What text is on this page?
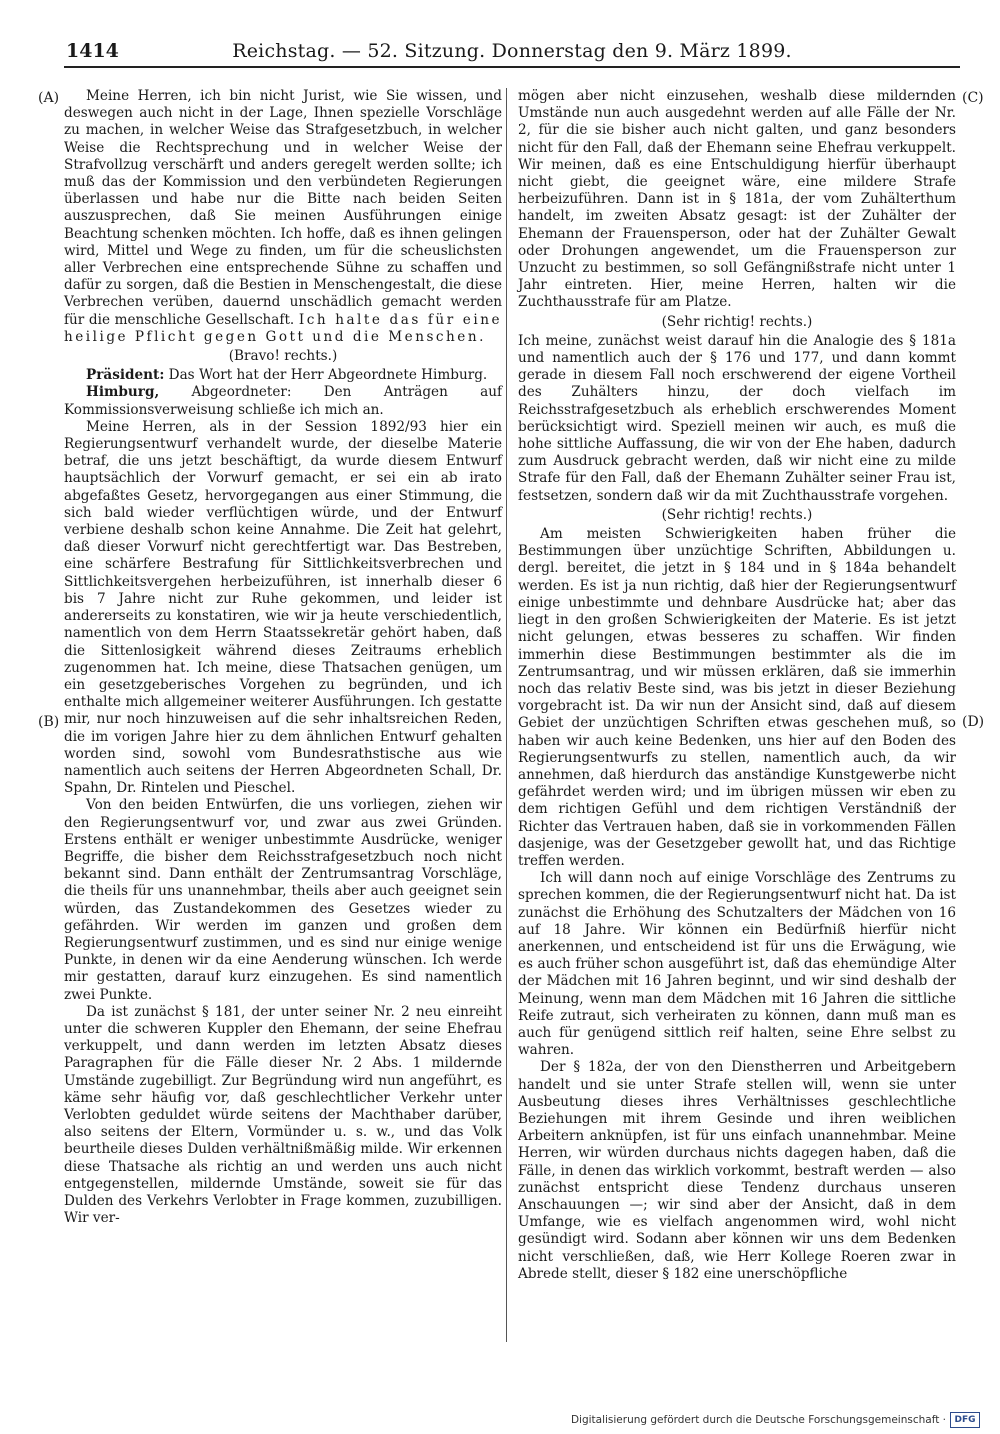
1414	Reichstag. — 52. Sitzung. Donnerstag den 9. März 1899.
(A)
(B)
(C)
(D)

Meine Herren, ich bin nicht Jurist, wie Sie wissen, und deswegen auch nicht in der Lage, Ihnen spezielle Vorschläge zu machen, in welcher Weise das Strafgesetzbuch, in welcher Weise die Rechtsprechung und in welcher Weise der Strafvollzug verschärft und anders geregelt werden sollte; ich muß das der Kommission und den verbündeten Regierungen überlassen und habe nur die Bitte nach beiden Seiten auszusprechen, daß Sie meinen Ausführungen einige Beachtung schenken möchten. Ich hoffe, daß es ihnen gelingen wird, Mittel und Wege zu finden, um für die scheuslichsten aller Verbrechen eine entsprechende Sühne zu schaffen und dafür zu sorgen, daß die Bestien in Menschengestalt, die diese Verbrechen verüben, dauernd unschädlich gemacht werden für die menschliche Gesellschaft. Ich halte das für eine heilige Pflicht gegen Gott und die Menschen.

(Bravo! rechts.)

Präsident: Das Wort hat der Herr Abgeordnete Himburg.

Himburg, Abgeordneter: Den Anträgen auf Kommissionsverweisung schließe ich mich an.

Meine Herren, als in der Session 1892/93 hier ein Regierungsentwurf verhandelt wurde, der dieselbe Materie betraf, die uns jetzt beschäftigt, da wurde diesem Entwurf hauptsächlich der Vorwurf gemacht, er sei ein ab irato abgefaßtes Gesetz, hervorgegangen aus einer Stimmung, die sich bald wieder verflüchtigen würde, und der Entwurf verbiene deshalb schon keine Annahme. Die Zeit hat gelehrt, daß dieser Vorwurf nicht gerechtfertigt war. Das Bestreben, eine schärfere Bestrafung für Sittlichkeitsverbrechen und Sittlichkeitsvergehen herbeizuführen, ist innerhalb dieser 6 bis 7 Jahre nicht zur Ruhe gekommen, und leider ist andererseits zu konstatiren, wie wir ja heute verschiedentlich, namentlich von dem Herrn Staatssekretär gehört haben, daß die Sittenlosigkeit während dieses Zeitraums erheblich zugenommen hat. Ich meine, diese Thatsachen genügen, um ein gesetzgeberisches Vorgehen zu begründen, und ich enthalte mich allgemeiner weiterer Ausführungen. Ich gestatte mir, nur noch hinzuweisen auf die sehr inhaltsreichen Reden, die im vorigen Jahre hier zu dem ähnlichen Entwurf gehalten worden sind, sowohl vom Bundesrathstische aus wie namentlich auch seitens der Herren Abgeordneten Schall, Dr. Spahn, Dr. Rintelen und Pieschel.

Von den beiden Entwürfen, die uns vorliegen, ziehen wir den Regierungsentwurf vor, und zwar aus zwei Gründen. Erstens enthält er weniger unbestimmte Ausdrücke, weniger Begriffe, die bisher dem Reichsstrafgesetzbuch noch nicht bekannt sind. Dann enthält der Zentrumsantrag Vorschläge, die theils für uns unannehmbar, theils aber auch geeignet sein würden, das Zustandekommen des Gesetzes wieder zu gefährden. Wir werden im ganzen und großen dem Regierungsentwurf zustimmen, und es sind nur einige wenige Punkte, in denen wir da eine Aenderung wünschen. Ich werde mir gestatten, darauf kurz einzugehen. Es sind namentlich zwei Punkte.

Da ist zunächst § 181, der unter seiner Nr. 2 neu einreiht unter die schweren Kuppler den Ehemann, der seine Ehefrau verkuppelt, und dann werden im letzten Absatz dieses Paragraphen für die Fälle dieser Nr. 2 Abs. 1 mildernde Umstände zugebilligt. Zur Begründung wird nun angeführt, es käme sehr häufig vor, daß geschlechtlicher Verkehr unter Verlobten geduldet würde seitens der Machthaber darüber, also seitens der Eltern, Vormünder u. s. w., und das Volk beurtheile dieses Dulden verhältnißmäßig milde. Wir erkennen diese Thatsache als richtig an und werden uns auch nicht entgegenstellen, mildernde Umstände, soweit sie für das Dulden des Verkehrs Verlobter in Frage kommen, zuzubilligen. Wir ver-

mögen aber nicht einzusehen, weshalb diese mildernden Umstände nun auch ausgedehnt werden auf alle Fälle der Nr. 2, für die sie bisher auch nicht galten, und ganz besonders nicht für den Fall, daß der Ehemann seine Ehefrau verkuppelt. Wir meinen, daß es eine Entschuldigung hierfür überhaupt nicht giebt, die geeignet wäre, eine mildere Strafe herbeizuführen. Dann ist in § 181a, der vom Zuhälterthum handelt, im zweiten Absatz gesagt: ist der Zuhälter der Ehemann der Frauensperson, oder hat der Zuhälter Gewalt oder Drohungen angewendet, um die Frauensperson zur Unzucht zu bestimmen, so soll Gefängnißstrafe nicht unter 1 Jahr eintreten. Hier, meine Herren, halten wir die Zuchthausstrafe für am Platze.

(Sehr richtig! rechts.)

Ich meine, zunächst weist darauf hin die Analogie des § 181a und namentlich auch der § 176 und 177, und dann kommt gerade in diesem Fall noch erschwerend der eigene Vortheil des Zuhälters hinzu, der doch vielfach im Reichsstrafgesetzbuch als erheblich erschwerendes Moment berücksichtigt wird. Speziell meinen wir auch, es muß die hohe sittliche Auffassung, die wir von der Ehe haben, dadurch zum Ausdruck gebracht werden, daß wir nicht eine zu milde Strafe für den Fall, daß der Ehemann Zuhälter seiner Frau ist, festsetzen, sondern daß wir da mit Zuchthausstrafe vorgehen.

(Sehr richtig! rechts.)

Am meisten Schwierigkeiten haben früher die Bestimmungen über unzüchtige Schriften, Abbildungen u. dergl. bereitet, die jetzt in § 184 und in § 184a behandelt werden. Es ist ja nun richtig, daß hier der Regierungsentwurf einige unbestimmte und dehnbare Ausdrücke hat; aber das liegt in den großen Schwierigkeiten der Materie. Es ist jetzt nicht gelungen, etwas besseres zu schaffen. Wir finden immerhin diese Bestimmungen bestimmter als die im Zentrumsantrag, und wir müssen erklären, daß sie immerhin noch das relativ Beste sind, was bis jetzt in dieser Beziehung vorgebracht ist. Da wir nun der Ansicht sind, daß auf diesem Gebiet der unzüchtigen Schriften etwas geschehen muß, so haben wir auch keine Bedenken, uns hier auf den Boden des Regierungsentwurfs zu stellen, namentlich auch, da wir annehmen, daß hierdurch das anständige Kunstgewerbe nicht gefährdet werden wird; und im übrigen müssen wir eben zu dem richtigen Gefühl und dem richtigen Verständniß der Richter das Vertrauen haben, daß sie in vorkommenden Fällen dasjenige, was der Gesetzgeber gewollt hat, und das Richtige treffen werden.

Ich will dann noch auf einige Vorschläge des Zentrums zu sprechen kommen, die der Regierungsentwurf nicht hat. Da ist zunächst die Erhöhung des Schutzalters der Mädchen von 16 auf 18 Jahre. Wir können ein Bedürfniß hierfür nicht anerkennen, und entscheidend ist für uns die Erwägung, wie es auch früher schon ausgeführt ist, daß das ehemündige Alter der Mädchen mit 16 Jahren beginnt, und wir sind deshalb der Meinung, wenn man dem Mädchen mit 16 Jahren die sittliche Reife zutraut, sich verheiraten zu können, dann muß man es auch für genügend sittlich reif halten, seine Ehre selbst zu wahren.

Der § 182a, der von den Dienstherren und Arbeitgebern handelt und sie unter Strafe stellen will, wenn sie unter Ausbeutung dieses ihres Verhältnisses geschlechtliche Beziehungen mit ihrem Gesinde und ihren weiblichen Arbeitern anknüpfen, ist für uns einfach unannehmbar. Meine Herren, wir würden durchaus nichts dagegen haben, daß die Fälle, in denen das wirklich vorkommt, bestraft werden — also zunächst entspricht diese Tendenz durchaus unseren Anschauungen —; wir sind aber der Ansicht, daß in dem Umfange, wie es vielfach angenommen wird, wohl nicht gesündigt wird. Sodann aber können wir uns dem Bedenken nicht verschließen, daß, wie Herr Kollege Roeren zwar in Abrede stellt, dieser § 182 eine unerschöpfliche

Digitalisierung gefördert durch die Deutsche Forschungsgemeinschaft · DFG
